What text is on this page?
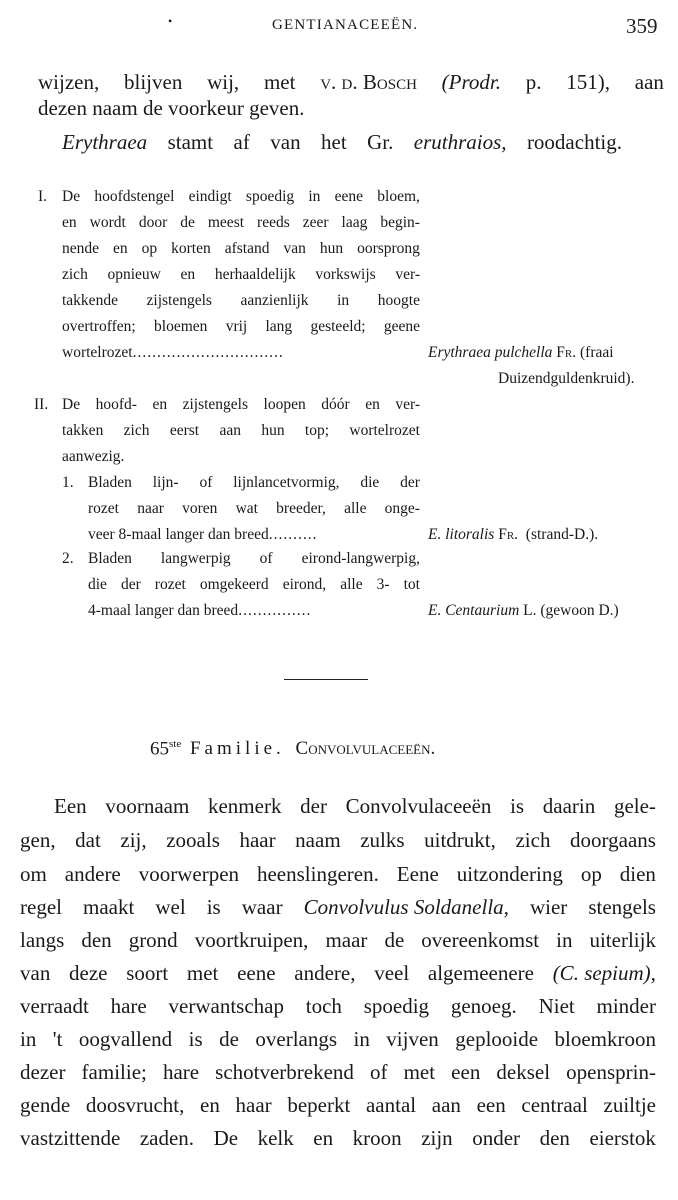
•	GENTIANACEEËN.	359
wijzen, blijven wij, met v. d. Bosch (Prodr. p. 151), aan
dezen naam de voorkeur geven.
Erythraea stamt af van het Gr. eruthraios, roodachtig.
I. De hoofdstengel eindigt spoedig in eene bloem,
en wordt door de meest reeds zeer laag begin-
nende en op korten afstand van hun oorsprong
zich opnieuw en herhaaldelijk vorkswijs ver-
takkende zijstengels aanzienlijk in hoogte
overtroffen; bloemen vrij lang gesteeld; geene
wortelrozet...............................	Erythraea pulchella Fr. (fraai
Duizendguldenkruid).
II. De hoofd- en zijstengels loopen dóór en ver-
takken zich eerst aan hun top; wortelrozet
aanwezig.
1. Bladen lijn- of lijnlancetvormig, die der
rozet naar voren wat breeder, alle onge-
veer 8-maal langer dan breed..........	E. litoralis Fr. (strand-D.).
2. Bladen langwerpig of eirond-langwerpig,
die der rozet omgekeerd eirond, alle 3- tot
4-maal langer dan breed...............	E. Centaurium L. (gewoon D.)
65ste Familie. Convolvulaceeën.
Een voornaam kenmerk der Convolvulaceeën is daarin gele-
gen, dat zij, zooals haar naam zulks uitdrukt, zich doorgaans
om andere voorwerpen heenslingeren. Eene uitzondering op dien
regel maakt wel is waar Convolvulus Soldanella, wier stengels
langs den grond voortkruipen, maar de overeenkomst in uiterlijk
van deze soort met eene andere, veel algemeenere (C. sepium),
verraadt hare verwantschap toch spoedig genoeg. Niet minder
in 't oogvallend is de overlangs in vijven geplooide bloemkroon
dezer familie; hare schotverbrekend of met een deksel opensprin-
gende doosvrucht, en haar beperkt aantal aan een centraal zuiltje
vastzittende zaden. De kelk en kroon zijn onder den eierstok
